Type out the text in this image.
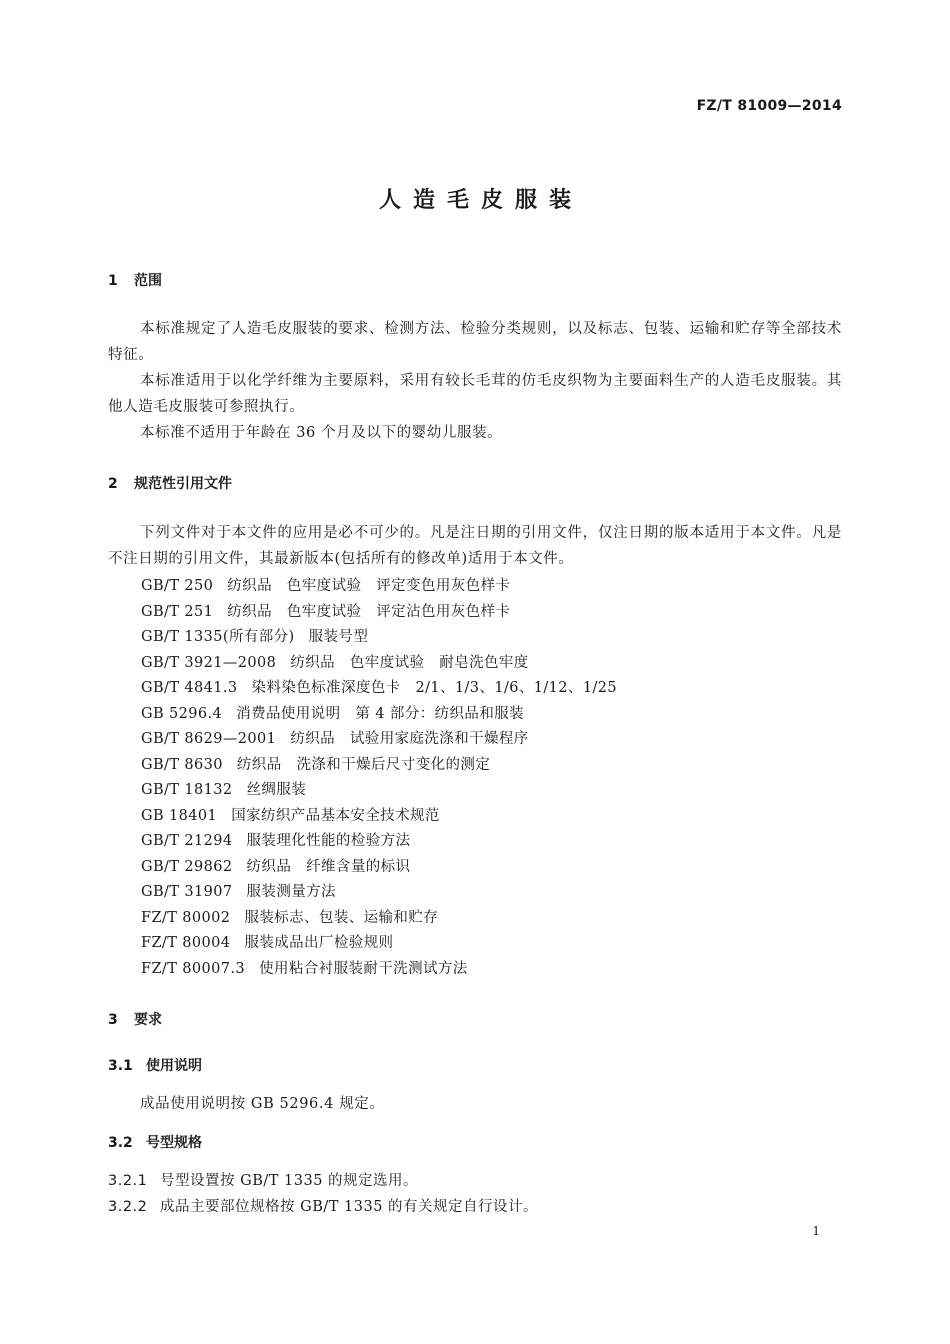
FZ/T 81009—2014
人造毛皮服装
1 范围
本标准规定了人造毛皮服装的要求、检测方法、检验分类规则，以及标志、包装、运输和贮存等全部技术特征。
本标准适用于以化学纤维为主要原料，采用有较长毛茸的仿毛皮织物为主要面料生产的人造毛皮服装。其他人造毛皮服装可参照执行。
本标准不适用于年龄在 36 个月及以下的婴幼儿服装。
2 规范性引用文件
下列文件对于本文件的应用是必不可少的。凡是注日期的引用文件，仅注日期的版本适用于本文件。凡是不注日期的引用文件，其最新版本(包括所有的修改单)适用于本文件。
GB/T 250 纺织品　色牢度试验　评定变色用灰色样卡
GB/T 251 纺织品　色牢度试验　评定沾色用灰色样卡
GB/T 1335(所有部分) 服装号型
GB/T 3921—2008 纺织品　色牢度试验　耐皂洗色牢度
GB/T 4841.3 染料染色标准深度色卡　2/1、1/3、1/6、1/12、1/25
GB 5296.4 消费品使用说明　第 4 部分：纺织品和服装
GB/T 8629—2001 纺织品　试验用家庭洗涤和干燥程序
GB/T 8630 纺织品　洗涤和干燥后尺寸变化的测定
GB/T 18132 丝绸服装
GB 18401 国家纺织产品基本安全技术规范
GB/T 21294 服装理化性能的检验方法
GB/T 29862 纺织品　纤维含量的标识
GB/T 31907 服装测量方法
FZ/T 80002 服装标志、包装、运输和贮存
FZ/T 80004 服装成品出厂检验规则
FZ/T 80007.3 使用粘合衬服装耐干洗测试方法
3 要求
3.1 使用说明
成品使用说明按 GB 5296.4 规定。
3.2 号型规格
3.2.1 号型设置按 GB/T 1335 的规定选用。
3.2.2 成品主要部位规格按 GB/T 1335 的有关规定自行设计。
1
